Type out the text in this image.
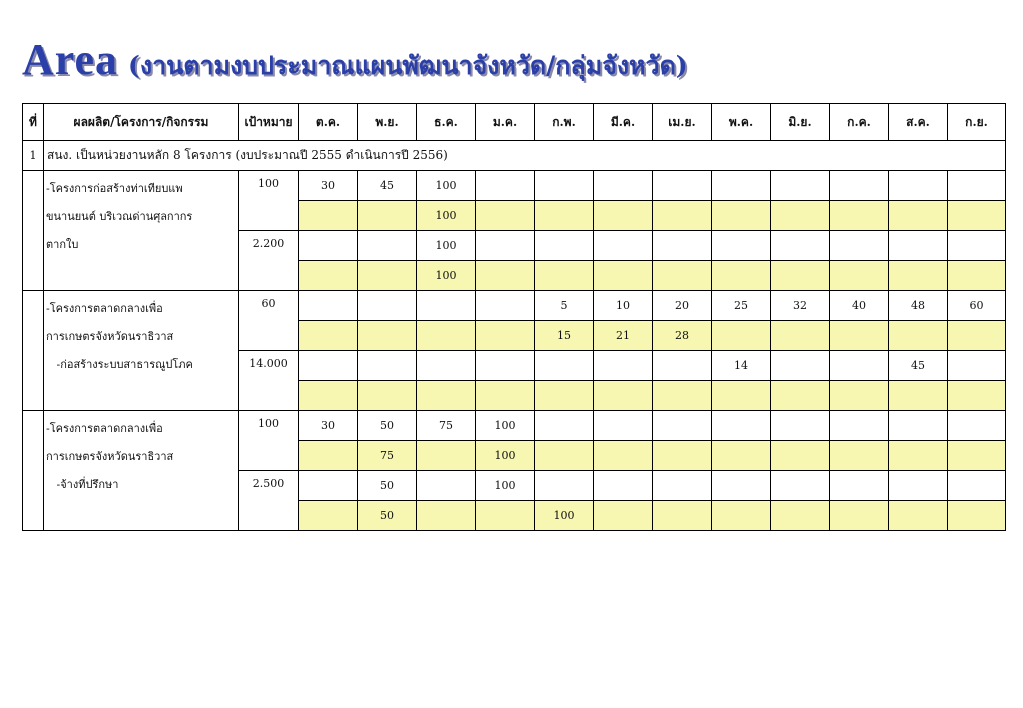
Area (งานตามงบประมาณแผนพัฒนาจังหวัด/กลุ่มจังหวัด)
ที่	ผลผลิต/โครงการ/กิจกรรม	เป้าหมาย	ต.ค.	พ.ย.	ธ.ค.	ม.ค.	ก.พ.	มี.ค.	เม.ย.	พ.ค.	มิ.ย.	ก.ค.	ส.ค.	ก.ย.
1	สนง. เป็นหน่วยงานหลัก 8 โครงการ (งบประมาณปี 2555 ดำเนินการปี 2556)													

	-โครงการก่อสร้างท่าเทียบแพ
ขนานยนต์ บริเวณด่านศุลกากร
ตากใบ	100	30	45	100									
					100									
		2.200			100									
					100									

	-โครงการตลาดกลางเพื่อ
การเกษตรจังหวัดนราธิวาส
-ก่อสร้างระบบสาธารณูปโภค	60					5	10	20	25	32	40	48	60
							15	21	28					
		14.000								14			45	

	-โครงการตลาดกลางเพื่อ
การเกษตรจังหวัดนราธิวาส
-จ้างที่ปรึกษา	100	30	50	75	100								
				75		100								
		2.500		50		100								
				50			100							
